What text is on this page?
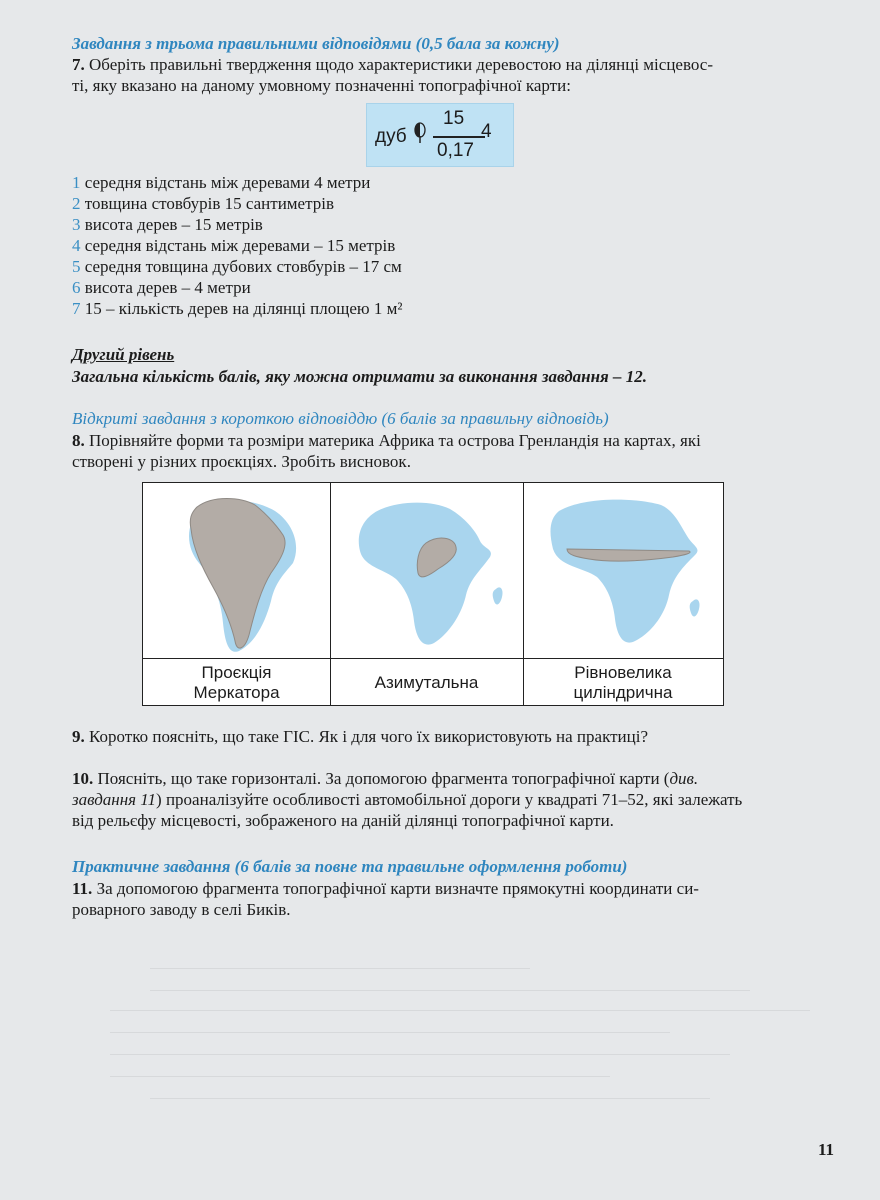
Завдання з трьома правильними відповідями (0,5 бала за кожну)

7. Оберіть правильні твердження щодо характеристики деревостою на ділянці місцевос-
ті, яку вказано на даному умовному позначенні топографічної карти:

дуб
15
0,17
4
1 середня відстань між деревами 4 метри
2 товщина стовбурів 15 сантиметрів
3 висота дерев – 15 метрів
4 середня відстань між деревами – 15 метрів
5 середня товщина дубових стовбурів – 17 см
6 висота дерев – 4 метри
7 15 – кількість дерев на ділянці площею 1 м²

Другий рівень

Загальна кількість балів, яку можна отримати за виконання завдання – 12.

Відкриті завдання з короткою відповіддю (6 балів за правильну відповідь)

8. Порівняйте форми та розміри материка Африка та острова Гренландія на картах, які
створені у різних проєкціях. Зробіть висновок.

Проєкція
Меркатора
Азимутальна
Рівновелика
циліндрична

9. Коротко поясніть, що таке ГІС. Як і для чого їх використовують на практиці?

10. Поясніть, що таке горизонталі. За допомогою фрагмента топографічної карти (див.
завдання 11) проаналізуйте особливості автомобільної дороги у квадраті 71–52, які залежать
від рельєфу місцевості, зображеного на даній ділянці топографічної карти.

Практичне завдання (6 балів за повне та правильне оформлення роботи)

11. За допомогою фрагмента топографічної карти визначте прямокутні координати си-
роварного заводу в селі Биків.

11
